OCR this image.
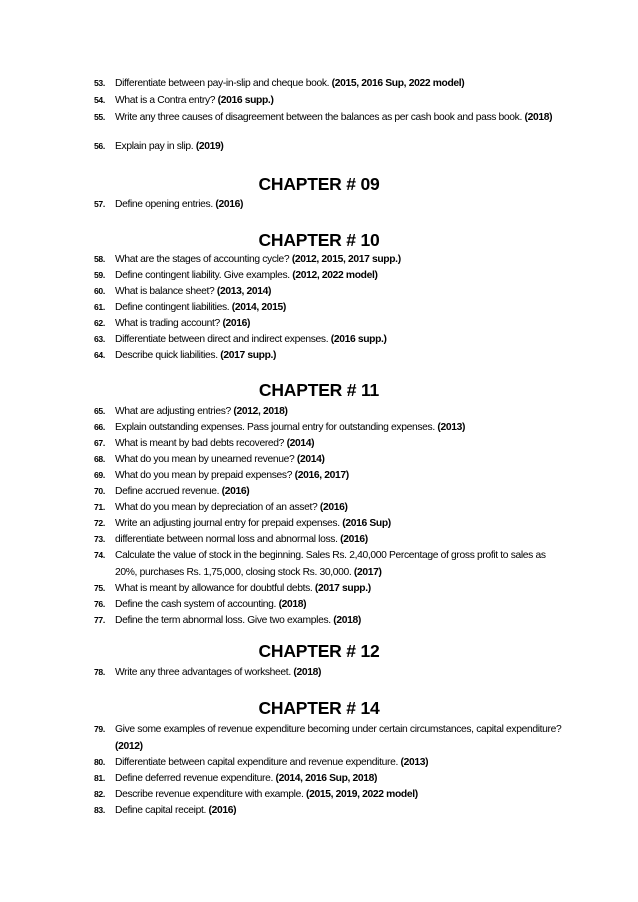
53. Differentiate between pay-in-slip and cheque book. (2015, 2016 Sup, 2022 model)
54. What is a Contra entry? (2016 supp.)
55. Write any three causes of disagreement between the balances as per cash book and pass book. (2018)
56. Explain pay in slip. (2019)
CHAPTER # 09
57. Define opening entries. (2016)
CHAPTER # 10
58. What are the stages of accounting cycle? (2012, 2015, 2017 supp.)
59. Define contingent liability. Give examples. (2012, 2022 model)
60. What is balance sheet? (2013, 2014)
61. Define contingent liabilities. (2014, 2015)
62. What is trading account? (2016)
63. Differentiate between direct and indirect expenses. (2016 supp.)
64. Describe quick liabilities. (2017 supp.)
CHAPTER # 11
65. What are adjusting entries? (2012, 2018)
66. Explain outstanding expenses. Pass journal entry for outstanding expenses. (2013)
67. What is meant by bad debts recovered? (2014)
68. What do you mean by unearned revenue? (2014)
69. What do you mean by prepaid expenses? (2016, 2017)
70. Define accrued revenue. (2016)
71. What do you mean by depreciation of an asset? (2016)
72. Write an adjusting journal entry for prepaid expenses. (2016 Sup)
73. differentiate between normal loss and abnormal loss. (2016)
74. Calculate the value of stock in the beginning. Sales Rs. 2,40,000 Percentage of gross profit to sales as 20%, purchases Rs. 1,75,000, closing stock Rs. 30,000. (2017)
75. What is meant by allowance for doubtful debts. (2017 supp.)
76. Define the cash system of accounting. (2018)
77. Define the term abnormal loss. Give two examples. (2018)
CHAPTER # 12
78. Write any three advantages of worksheet. (2018)
CHAPTER # 14
79. Give some examples of revenue expenditure becoming under certain circumstances, capital expenditure? (2012)
80. Differentiate between capital expenditure and revenue expenditure. (2013)
81. Define deferred revenue expenditure. (2014, 2016 Sup, 2018)
82. Describe revenue expenditure with example. (2015, 2019, 2022 model)
83. Define capital receipt. (2016)
